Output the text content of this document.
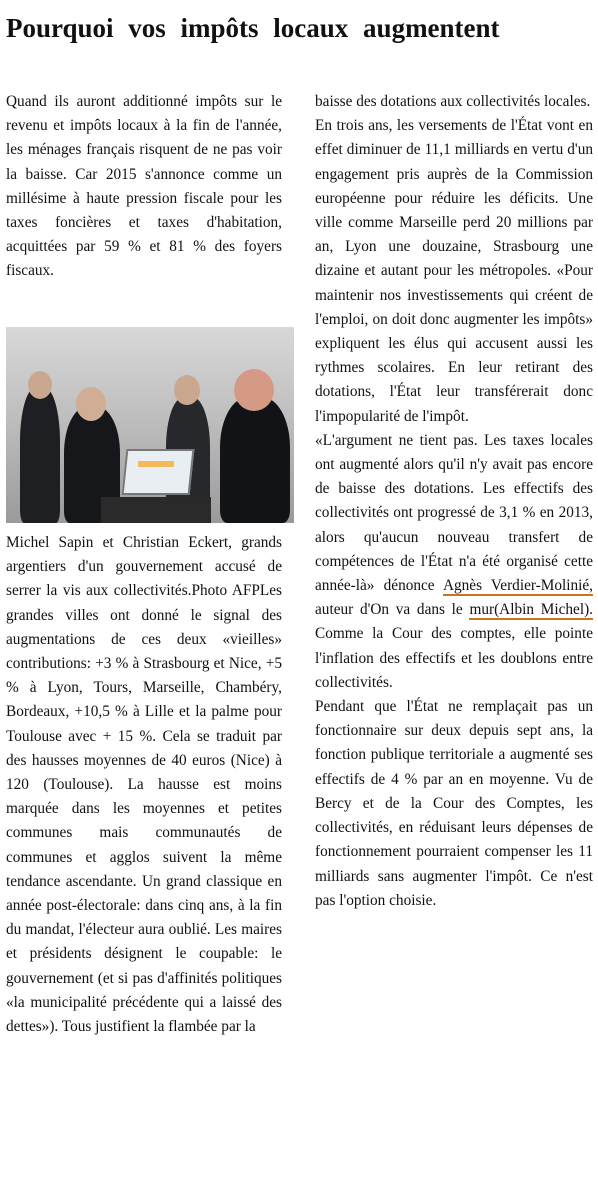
Pourquoi vos impôts locaux augmentent

Quand ils auront additionné impôts sur le revenu et impôts locaux à la fin de l'année, les ménages français risquent de ne pas voir la baisse. Car 2015 s'annonce comme un millésime à haute pression fiscale pour les taxes foncières et taxes d'habitation, acquittées par 59 % et 81 % des foyers fiscaux.

Michel Sapin et Christian Eckert, grands argentiers d'un gouvernement accusé de serrer la vis aux collectivités.Photo AFPLes grandes villes ont donné le signal des augmentations de ces deux «vieilles» contributions: +3 % à Strasbourg et Nice, +5 % à Lyon, Tours, Marseille, Chambéry, Bordeaux, +10,5 % à Lille et la palme pour Toulouse avec + 15 %. Cela se traduit par des hausses moyennes de 40 euros (Nice) à 120 (Toulouse). La hausse est moins marquée dans les moyennes et petites communes mais communautés de communes et agglos suivent la même tendance ascendante. Un grand classique en année post-électorale: dans cinq ans, à la fin du mandat, l'électeur aura oublié. Les maires et présidents désignent le coupable: le gouvernement (et si pas d'affinités politiques «la municipalité précédente qui a laissé des dettes»). Tous justifient la flambée par la

baisse des dotations aux collectivités locales.

En trois ans, les versements de l'État vont en effet diminuer de 11,1 milliards en vertu d'un engagement pris auprès de la Commission européenne pour réduire les déficits. Une ville comme Marseille perd 20 millions par an, Lyon une douzaine, Strasbourg une dizaine et autant pour les métropoles. «Pour maintenir nos investissements qui créent de l'emploi, on doit donc augmenter les impôts» expliquent les élus qui accusent aussi les rythmes scolaires. En leur retirant des dotations, l'État leur transférerait donc l'impopularité de l'impôt.

«L'argument ne tient pas. Les taxes locales ont augmenté alors qu'il n'y avait pas encore de baisse des dotations. Les effectifs des collectivités ont progressé de 3,1 % en 2013, alors qu'aucun nouveau transfert de compétences de l'État n'a été organisé cette année-là» dénonce Agnès Verdier-Molinié, auteur d'On va dans le mur(Albin Michel). Comme la Cour des comptes, elle pointe l'inflation des effectifs et les doublons entre collectivités.

Pendant que l'État ne remplaçait pas un fonctionnaire sur deux depuis sept ans, la fonction publique territoriale a augmenté ses effectifs de 4 % par an en moyenne. Vu de Bercy et de la Cour des Comptes, les collectivités, en réduisant leurs dépenses de fonctionnement pourraient compenser les 11 milliards sans augmenter l'impôt. Ce n'est pas l'option choisie.
